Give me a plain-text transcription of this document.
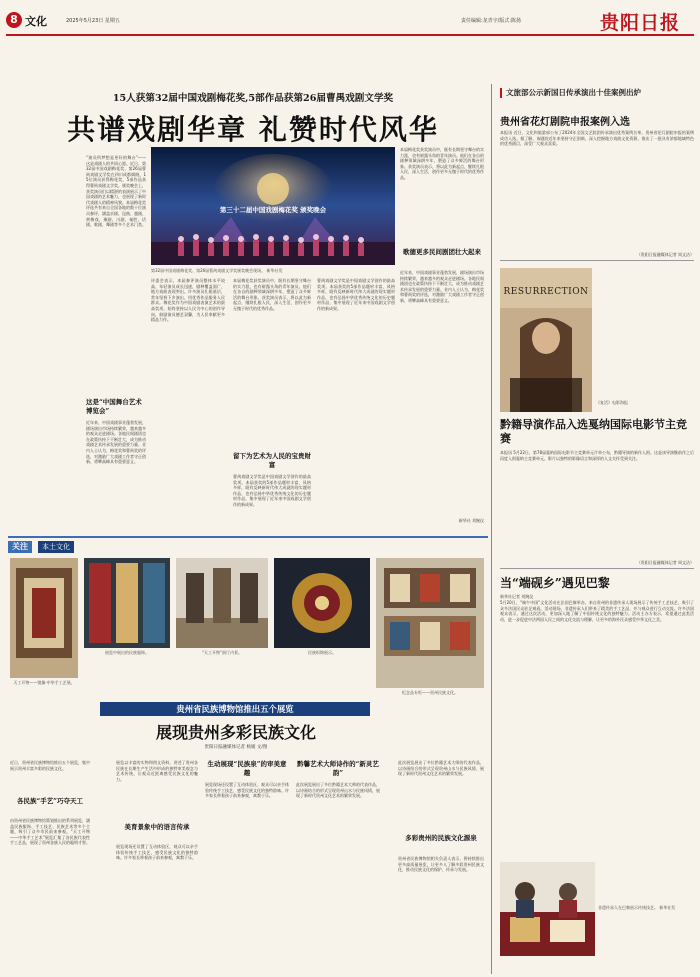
8 文化	2025年5月23日 星期五	责任编辑:龙青宇/版式:陈扬	贵阳日报
15人获第32届中国戏剧梅花奖,5部作品获第26届曹禺戏剧文学奖
共谱戏剧华章 礼赞时代风华
“演员所梦想是更好的舞台”—— 这是戏剧人的共同心愿。近日，第32届中国戏剧梅花奖、第26届曹禺戏剧文学奖在四川成都揭晓，15位演员获得梅花奖，5部作品获得曹禺戏剧文学奖。颁奖晚会上，获奖演员们以精湛的表演展示了中国戏剧的艺术魅力，也展现了新时代戏剧人的精神风貌。本届梅花奖评选共有来自全国各地的数十位演员参评，涵盖京剧、昆曲、越剧、黄梅戏、豫剧、川剧、秦腔、话剧、歌剧、舞剧等多个艺术门类。
这是“中国舞台艺术博览会”
近年来，中国戏剧事业蓬勃发展，剧场演出市场持续繁荣，越来越多的观众走进剧场。各地民间剧团也在政策扶持下不断壮大，成为推动戏剧艺术传承发展的重要力量。业内人士认为，梅花奖和曹禺奖的评选，对激励广大戏剧工作者守正创新、勇攀高峰具有重要意义。
第三十二届中国戏剧梅花奖 颁奖晚会
第32届中国戏剧梅花奖、第26届曹禺戏剧文学奖颁奖晚会现场。 新华社发
评委会表示，本届参评演员整体水平较高，年轻演员成长迅速，剧种覆盖面广，地方戏曲表现突出。许多演员扎根基层，常年坚持下乡演出，用优秀作品服务人民群众。梅花奖作为中国戏剧表演艺术的最高奖项，始终坚持以人民为中心的创作导向，鼓励演员德艺双馨，为人民奉献更多精品力作。
本届梅花奖获奖演员中，既有长期坚守舞台的实力派，也有崭露头角的青年演员。他们在各自的剧种领域深耕多年，塑造了众多鲜活的舞台形象。获奖演员表示，将以此为新起点，继续扎根人民，深入生活，创作更多无愧于时代的优秀作品。
留下为艺术为人民的宝贵财富
曹禺戏剧文学奖是中国戏剧文学创作的最高奖项。本届获奖的5部作品题材丰富，风格多样，既有反映新时代伟大成就的现实题材作品，也有弘扬中华优秀传统文化的历史题材作品，集中展现了近年来中国戏剧文学创作的新成果。
曹禺戏剧文学奖是中国戏剧文学创作的最高奖项。本届获奖的5部作品题材丰富，风格多样，既有反映新时代伟大成就的现实题材作品，也有弘扬中华优秀传统文化的历史题材作品，集中展现了近年来中国戏剧文学创作的新成果。
本届梅花奖获奖演员中，既有长期坚守舞台的实力派，也有崭露头角的青年演员。他们在各自的剧种领域深耕多年，塑造了众多鲜活的舞台形象。获奖演员表示，将以此为新起点，继续扎根人民，深入生活，创作更多无愧于时代的优秀作品。
歌德更多民间剧团壮大起来
近年来，中国戏剧事业蓬勃发展，剧场演出市场持续繁荣，越来越多的观众走进剧场。各地民间剧团也在政策扶持下不断壮大，成为推动戏剧艺术传承发展的重要力量。业内人士认为，梅花奖和曹禺奖的评选，对激励广大戏剧工作者守正创新、勇攀高峰具有重要意义。
新华社 刘婉仪
文旅部公示新国日传承演出十佳案例出炉
贵州省花灯剧院申报案例入选
本报讯 近日，文化和旅游部公布了2024年全国文艺院团传承演出优秀案例名单，贵州省花灯剧院申报的案例成功入选。据了解，该剧院近年来坚持守正创新，深入挖掘地方戏曲文化资源，推出了一批具有浓郁地域特色的优秀剧目，深受广大观众喜爱。
（贵阳日报融媒体记者 周文洁）
RESURRECTION
《复活》电影海报
黔籍导演作品入选戛纳国际电影节主竞赛
本报讯 5月22日，第78届戛纳国际电影节主竞赛单元片单公布，黔籍导演的新作入围。这是该导演继前作之后再度入围戛纳主竞赛单元，影片以独特的影像语言和深厚的人文关怀受到关注。
（贵阳日报融媒体记者 周文洁）
当“端砚乡”遇见巴黎
新华社记者 刘婉仪
5月20日，“端午中国”文化活动在法国巴黎举办，来自贵州的非遗传承人现场展示了传统手工艺技艺，吸引了众多法国民众驻足观看。活动现场，非遗传承人们带来了精美的手工艺品，并与观众进行互动交流。许多法国观众表示，通过这次活动，更加深入地了解了中国传统文化的独特魅力。活动主办方表示，希望通过此类活动，进一步促进中法两国人民之间的文化交流与理解，让更多的海外民众感受中华文化之美。
非遗传承人在巴黎展示传统技艺。 新华社发
关注	本土文化
天工开物——镜像·中华手工艺展。
展览中展出的民族服饰。	“天工开物”展厅内景。	民族织锦展示。
纪念品专柜——贵州民族文化。
贵州省民族博物馆推出五个展览
展现贵州多彩民族文化
贵阳日报融媒体记者 杨媛 文/图
近日，贵州省民族博物馆推出五个展览，集中展示贵州丰富多彩的民族文化。
各民族“手艺”巧夺天工
由贵州省民族博物馆策划推出的系列展览，涵盖民族服饰、手工技艺、民族艺术等多个主题，吸引了众多市民前来参观。“天工开物——中华手工艺术”展览汇集了各民族代表性手工艺品，展现了贵州各族人民的聪明才智。
展览以丰富的实物和图文资料，讲述了贵州各民族在长期生产生活中形成的独特审美观念与艺术传统，让观众近距离感受民族文化的魅力。
美育景象中的语言传承
展览现场还设置了互动体验区，观众可以亲手体验传统手工技艺，感受民族文化的独特韵味。许多家长带着孩子前来参观，寓教于乐。
生动展现“民族泉”的审美意趣
展览现场还设置了互动体验区，观众可以亲手体验传统手工技艺，感受民族文化的独特韵味。许多家长带着孩子前来参观，寓教于乐。
黔馨艺术大师诗作的“新灵艺韵”
此次展览展出了多位黔籍艺术大师的代表作品，以诗画结合的形式呈现贵州山水与民族风情，展现了新时代贵州文化艺术的繁荣发展。
此次展览展出了多位黔籍艺术大师的代表作品，以诗画结合的形式呈现贵州山水与民族风情，展现了新时代贵州文化艺术的繁荣发展。
多彩贵州的民族文化源泉
贵州省民族博物馆相关负责人表示，将持续推出更多高质量展览，让更多人了解多彩贵州民族文化，推动民族文化的保护、传承与发展。
